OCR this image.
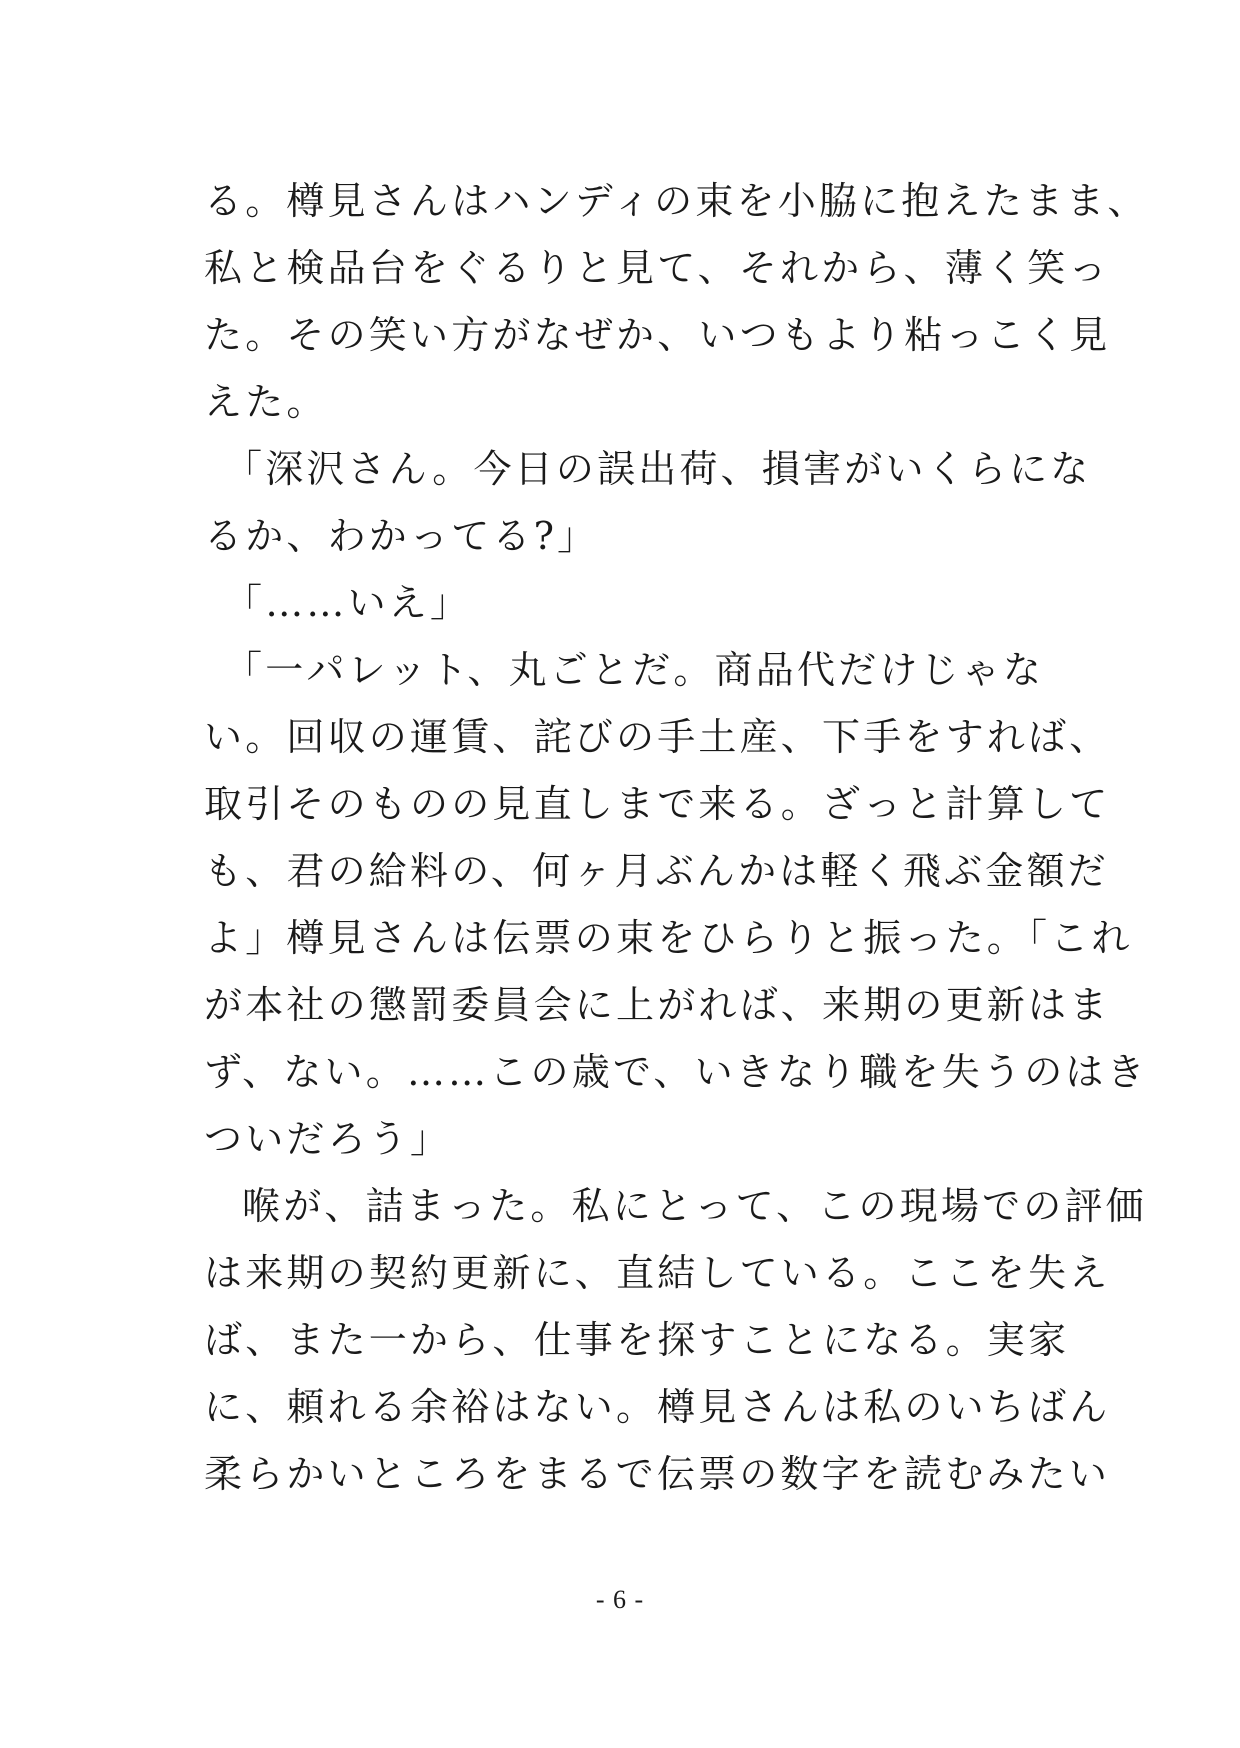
る。樽見さんはハンディの束を小脇に抱えたまま、
私と検品台をぐるりと見て、それから、薄く笑っ
た。その笑い方がなぜか、いつもより粘っこく見
えた。
「深沢さん。今日の誤出荷、損害がいくらにな
るか、わかってる?」
「……いえ」
「一パレット、丸ごとだ。商品代だけじゃな
い。回収の運賃、詫びの手土産、下手をすれば、
取引そのものの見直しまで来る。ざっと計算して
も、君の給料の、何ヶ月ぶんかは軽く飛ぶ金額だ
よ」樽見さんは伝票の束をひらりと振った。「これ
が本社の懲罰委員会に上がれば、来期の更新はま
ず、ない。……この歳で、いきなり職を失うのはき
ついだろう」
喉が、詰まった。私にとって、この現場での評価
は来期の契約更新に、直結している。ここを失え
ば、また一から、仕事を探すことになる。実家
に、頼れる余裕はない。樽見さんは私のいちばん
柔らかいところをまるで伝票の数字を読むみたい
- 6 -
